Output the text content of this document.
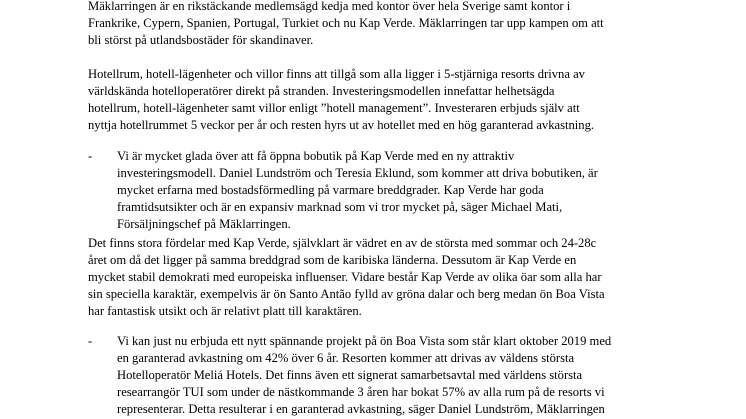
Mäklarringen är en rikstäckande medlemsägd kedja med kontor över hela Sverige samt kontor i
Frankrike, Cypern, Spanien, Portugal, Turkiet och nu Kap Verde. Mäklarringen tar upp kampen om att
bli störst på utlandsbostäder för skandinaver.

Hotellrum, hotell-lägenheter och villor finns att tillgå som alla ligger i 5-stjärniga resorts drivna av
världskända hotelloperatörer direkt på stranden. Investeringsmodellen innefattar helhetsägda
hotellrum, hotell-lägenheter samt villor enligt ”hotell management”. Investeraren erbjuds själv att
nyttja hotellrummet 5 veckor per år och resten hyrs ut av hotellet med en hög garanterad avkastning.

- Vi är mycket glada över att få öppna bobutik på Kap Verde med en ny attraktiv
investeringsmodell. Daniel Lundström och Teresia Eklund, som kommer att driva bobutiken, är
mycket erfarna med bostadsförmedling på varmare breddgrader. Kap Verde har goda
framtidsutsikter och är en expansiv marknad som vi tror mycket på, säger Michael Mati,
Försäljningschef på Mäklarringen.

Det finns stora fördelar med Kap Verde, självklart är vädret en av de största med sommar och 24-28c
året om då det ligger på samma breddgrad som de karibiska länderna. Dessutom är Kap Verde en
mycket stabil demokrati med europeiska influenser. Vidare består Kap Verde av olika öar som alla har
sin speciella karaktär, exempelvis är ön Santo Antão fylld av gröna dalar och berg medan ön Boa Vista
har fantastisk utsikt och är relativt platt till karaktären.

- Vi kan just nu erbjuda ett nytt spännande projekt på ön Boa Vista som står klart oktober 2019 med
en garanterad avkastning om 42% över 6 år. Resorten kommer att drivas av väldens största
Hotelloperatör Meliá Hotels. Det finns även ett signerat samarbetsavtal med världens största
researrangör TUI som under de nästkommande 3 åren har bokat 57% av alla rum på de resorts vi
representerar. Detta resulterar i en garanterad avkastning, säger Daniel Lundström, Mäklarringen
